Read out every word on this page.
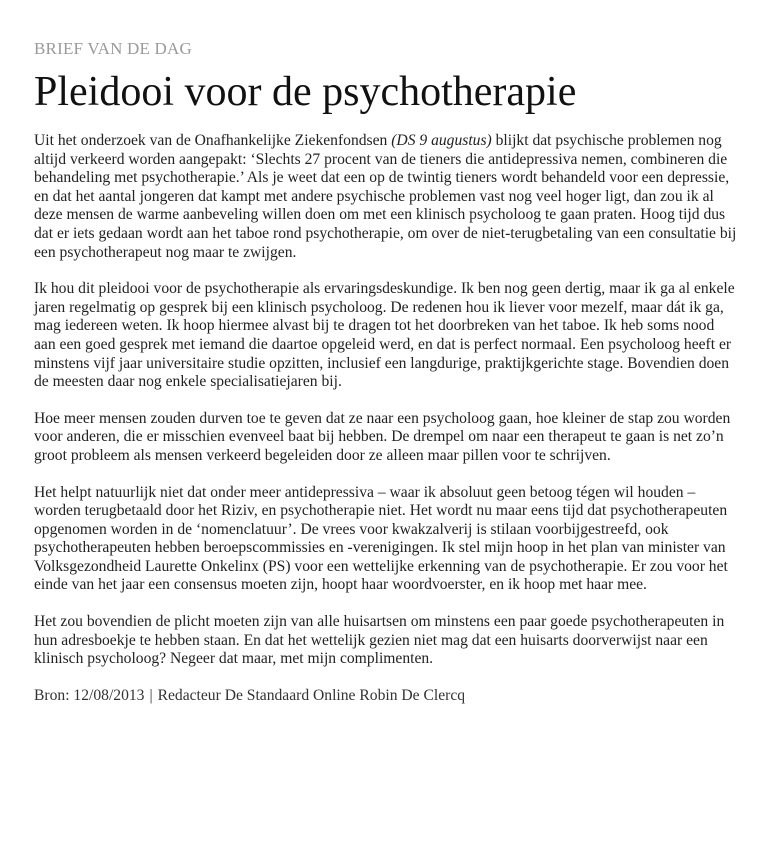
BRIEF VAN DE DAG
Pleidooi voor de psychotherapie

Uit het onderzoek van de Onafhankelijke Ziekenfondsen (DS 9 augustus) blijkt dat psychische problemen nog altijd verkeerd worden aangepakt: ‘Slechts 27 procent van de tieners die antidepressiva nemen, combineren die behandeling met psychotherapie.’ Als je weet dat een op de twintig tieners wordt behandeld voor een depressie, en dat het aantal jongeren dat kampt met andere psychische problemen vast nog veel hoger ligt, dan zou ik al deze mensen de warme aanbeveling willen doen om met een klinisch psycholoog te gaan praten. Hoog tijd dus dat er iets gedaan wordt aan het taboe rond psychotherapie, om over de niet-terugbetaling van een consultatie bij een psychotherapeut nog maar te zwijgen.

Ik hou dit pleidooi voor de psychotherapie als ervaringsdeskundige. Ik ben nog geen dertig, maar ik ga al enkele jaren regelmatig op gesprek bij een klinisch psycholoog. De redenen hou ik liever voor mezelf, maar dát ik ga, mag iedereen weten. Ik hoop hiermee alvast bij te dragen tot het doorbreken van het taboe. Ik heb soms nood aan een goed gesprek met iemand die daartoe opgeleid werd, en dat is perfect normaal. Een psycholoog heeft er minstens vijf jaar universitaire studie opzitten, inclusief een langdurige, praktijkgerichte stage. Bovendien doen de meesten daar nog enkele specialisatiejaren bij.

Hoe meer mensen zouden durven toe te geven dat ze naar een psycholoog gaan, hoe kleiner de stap zou worden voor anderen, die er misschien evenveel baat bij hebben. De drempel om naar een therapeut te gaan is net zo’n groot probleem als mensen verkeerd begeleiden door ze alleen maar pillen voor te schrijven.

Het helpt natuurlijk niet dat onder meer antidepressiva – waar ik absoluut geen betoog tégen wil houden – worden terugbetaald door het Riziv, en psychotherapie niet. Het wordt nu maar eens tijd dat psychotherapeuten opgenomen worden in de ‘nomenclatuur’. De vrees voor kwakzalverij is stilaan voorbijgestreefd, ook psychotherapeuten hebben beroepscommissies en -verenigingen. Ik stel mijn hoop in het plan van minister van Volksgezondheid Laurette Onkelinx (PS) voor een wettelijke erkenning van de psychotherapie. Er zou voor het einde van het jaar een consensus moeten zijn, hoopt haar woordvoerster, en ik hoop met haar mee.

Het zou bovendien de plicht moeten zijn van alle huisartsen om minstens een paar goede psychotherapeuten in hun adresboekje te hebben staan. En dat het wettelijk gezien niet mag dat een huisarts doorverwijst naar een klinisch psycholoog? Negeer dat maar, met mijn complimenten.

Bron: 12/08/2013 | Redacteur De Standaard Online Robin De Clercq
